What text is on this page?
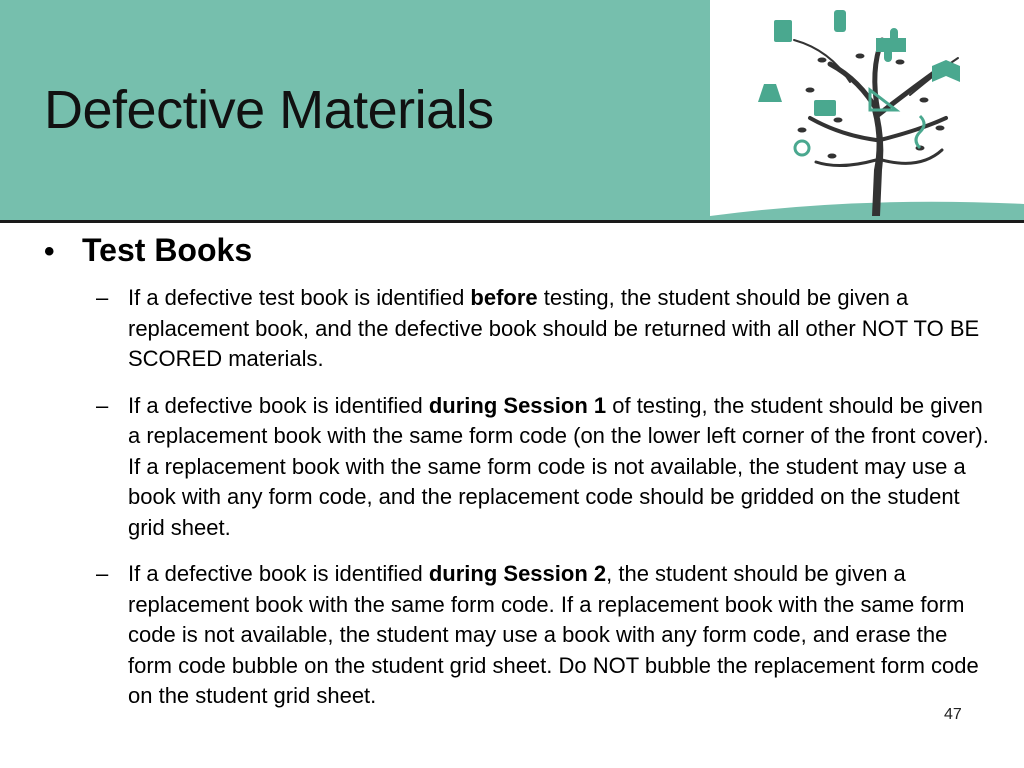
Defective Materials
• Test Books
– If a defective test book is identified before testing, the student should be given a replacement book, and the defective book should be returned with all other NOT TO BE SCORED materials.
– If a defective book is identified during Session 1 of testing, the student should be given a replacement book with the same form code (on the lower left corner of the front cover). If a replacement book with the same form code is not available, the student may use a book with any form code, and the replacement code should be gridded on the student grid sheet.
– If a defective book is identified during Session 2, the student should be given a replacement book with the same form code. If a replacement book with the same form code is not available, the student may use a book with any form code, and erase the form code bubble on the student grid sheet. Do NOT bubble the replacement form code on the student grid sheet.
47
